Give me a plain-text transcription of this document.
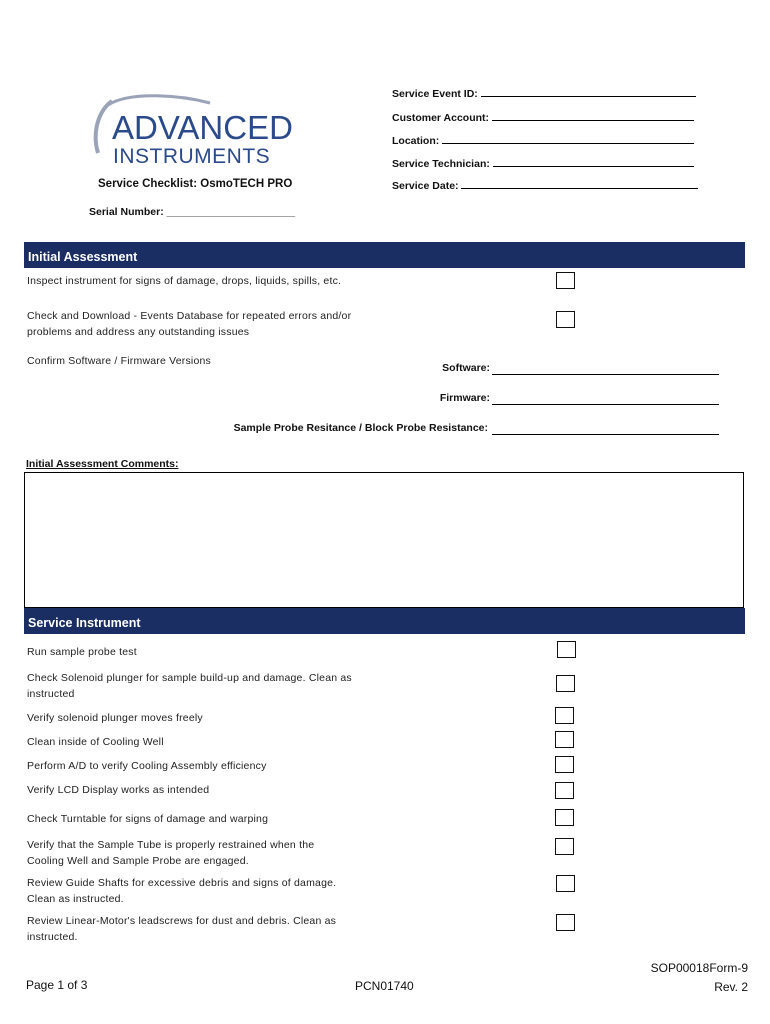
Service Event ID:
Customer Account:
Location:
Service Technician:
Service Date:
ADVANCED
INSTRUMENTS
Service Checklist: OsmoTECH PRO
Serial Number: ______________________
Initial Assessment
Inspect instrument for signs of damage, drops, liquids, spills, etc.
Check and Download - Events Database for repeated errors and/or problems and address any outstanding issues
Confirm Software / Firmware Versions
Software:
Firmware:
Sample Probe Resitance / Block Probe Resistance:
Initial Assessment Comments:
Service Instrument
Run sample probe test
Check Solenoid plunger for sample build-up and damage. Clean as instructed
Verify solenoid plunger moves freely
Clean inside of Cooling Well
Perform A/D to verify Cooling Assembly efficiency
Verify LCD Display works as intended
Check Turntable for signs of damage and warping
Verify that the Sample Tube is properly restrained when the Cooling Well and Sample Probe are engaged.
Review Guide Shafts for excessive debris and signs of damage. Clean as instructed.
Review Linear-Motor's leadscrews for dust and debris. Clean as instructed.
Page 1 of 3	PCN01740
SOP00018Form-9
Rev. 2
